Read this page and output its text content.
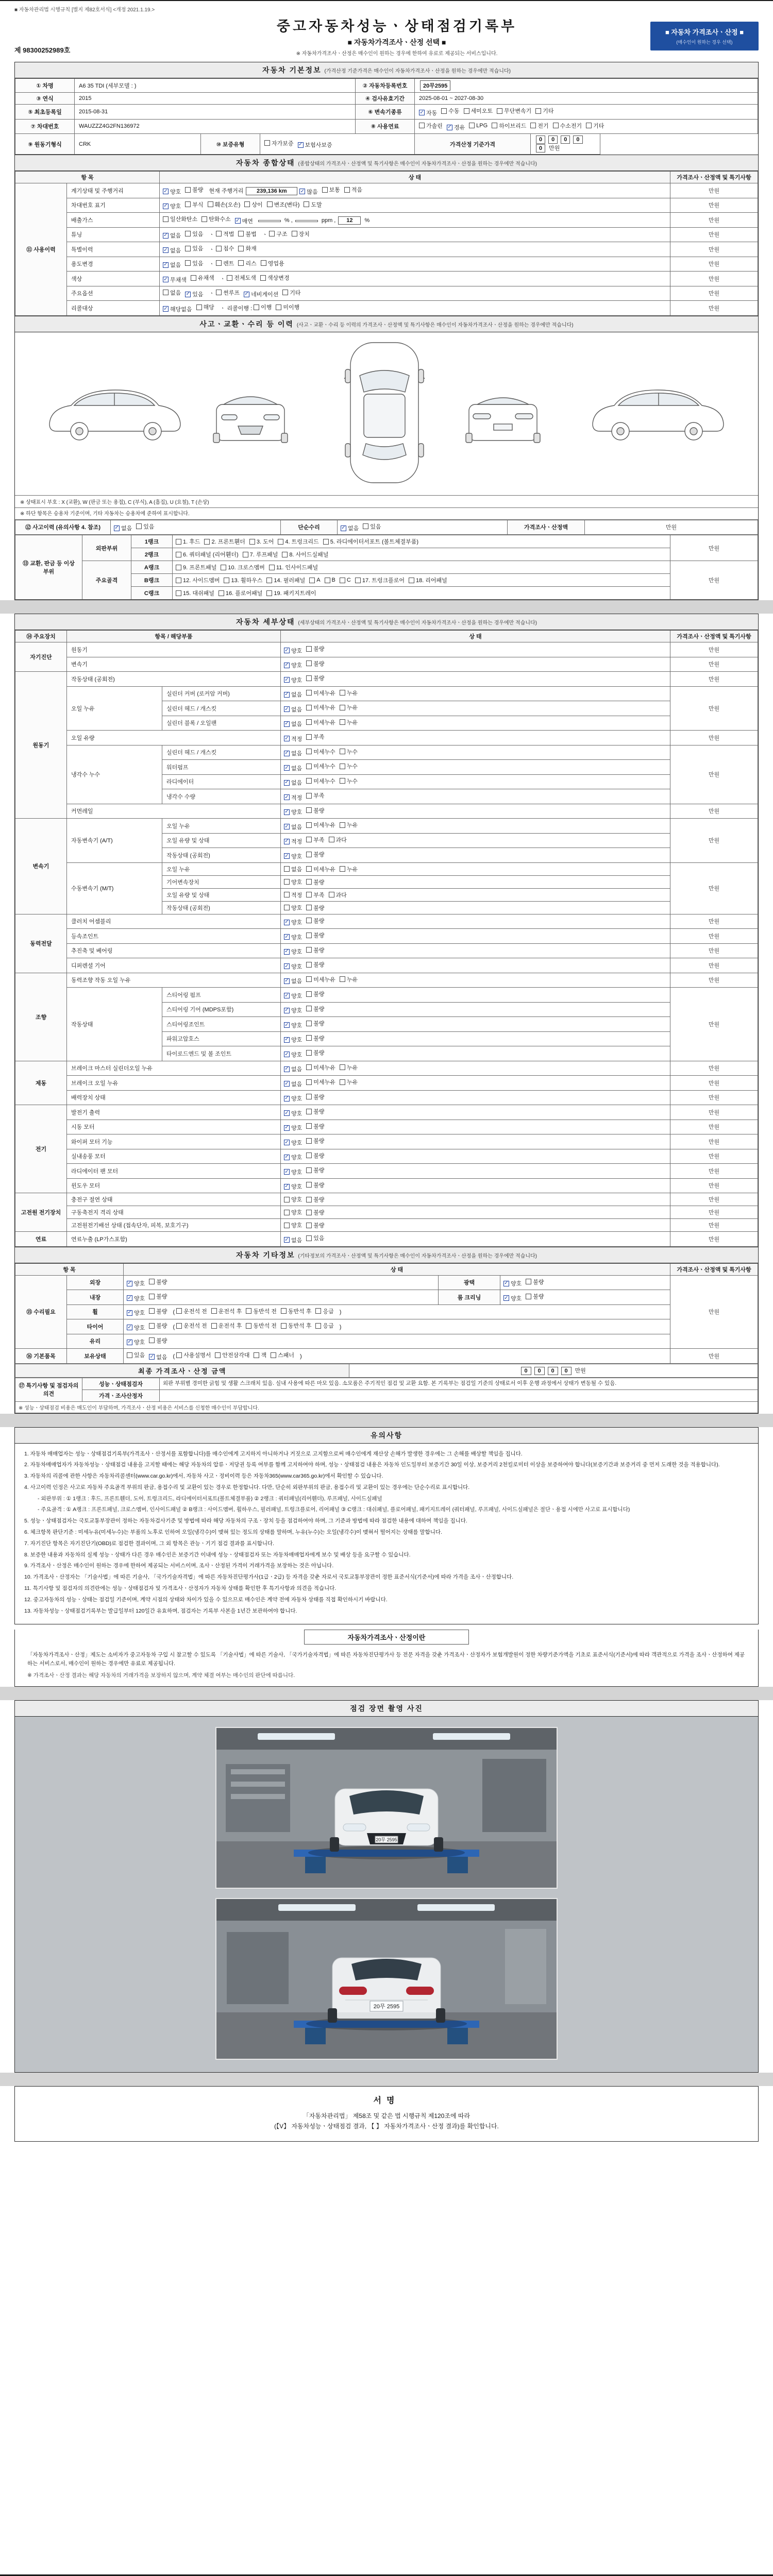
■ 자동차관리법 시행규칙 [별지 제82호서식] <개정 2021.1.19.>
제 98300252989호
중고자동차성능ㆍ상태점검기록부
■ 자동차가격조사ㆍ산정 선택 ■
※ 자동차가격조사ㆍ산정은 매수인이 원하는 경우에 한하여 유료로 제공되는 서비스입니다.
■ 자동차 가격조사ㆍ산정 ■
(매수인이 원하는 경우 선택)
자동차 기본정보 (가격산정 기준가격은 매수인이 자동차가격조사ㆍ산정을 원하는 경우에만 적습니다)
① 차명	A6 35 TDI (세부모델 : )			② 자동차등록번호	20무2595	
③ 연식	2015			④ 검사유효기간	2025-08-01 ~ 2027-08-30	
⑤ 최초등록일	2015-08-31	⑥ 변속기종류	✓ 자동 수동 세미오토 무단변속기 기타
⑦ 차대번호	WAUZZZ4G2FN136972	⑧ 사용연료	가솔린 ✓ 경유 LPG 하이브리드 전기 수소전기 기타
⑨ 원동기형식	CRK	⑩ 보증유형	자가보증 ✓ 보험사보증		가격산정 기준가격	0 0 0 00 만원
자동차 종합상태 (종합상태의 가격조사ㆍ산정액 및 특기사항은 매수인이 자동차가격조사ㆍ산정을 원하는 경우에만 적습니다)
항 목		상 태	가격조사ㆍ산정액 및 특기사항
⑪ 사용이력	계기상태 및 주행거리	✓ 양호 불량 현재 주행거리 239,136 km	✓ 많음 보통 적음	만원
차대번호 표기	✓ 양호 부식 훼손(오손) 상이 변조(변타) 도말	만원
	배출가스	일산화탄소 탄화수소 ✓ 매연 % , ppm , 12 %	만원
튜닝	✓ 없음 있음 ㆍ 적법 불법 ㆍ 구조 장치	만원
	특별이력	✓ 없음 있음 ㆍ 침수 화재	만원
용도변경	✓ 없음 있음 ㆍ 렌트 리스 영업용	만원
	색상	✓ 무채색 유채색 ㆍ 전체도색 색상변경	만원
주요옵션	없음 ✓ 있음 ㆍ 썬루프 ✓ 네비게이션 기타	만원
	리콜대상	✓ 해당없음 해당 ㆍ 리콜이행 : 이행 미이행	만원
사고ㆍ교환ㆍ수리 등 이력 (사고ㆍ교환ㆍ수리 등 이력의 가격조사ㆍ산정액 및 특기사항은 매수인이 자동차가격조사ㆍ산정을 원하는 경우에만 적습니다)
※ 상태표시 부호 : X (교환), W (판금 또는 용접), C (부식), A (흠집), U (요철), T (손상)
※ 하단 항목은 승용차 기준이며, 기타 자동차는 승용차에 준하여 표시합니다.
⑫ 사고이력 (유의사항 4. 참조)	✓ 없음 있음	단순수리	✓ 없음 있음	가격조사ㆍ산정액	만원
⑬ 교환, 판금 등 이상 부위	외판부위	1랭크	1. 후드 2. 프론트휀더 3. 도어 4. 트렁크리드 5. 라디에이터서포트 (볼트체결부품)	만원
		2랭크	6. 쿼터패널 (리어휀더) 7. 루프패널 8. 사이드실패널	
	주요골격	A랭크	9. 프론트패널 10. 크로스멤버 11. 인사이드패널	만원
B랭크	12. 사이드멤버 13. 휠하우스 14. 필러패널 A B C 17. 트렁크플로어 18. 리어패널
		C랭크	15. 대쉬패널 16. 플로어패널 19. 패키지트레이	
자동차 세부상태 (세부상태의 가격조사ㆍ산정액 및 특기사항은 매수인이 자동차가격조사ㆍ산정을 원하는 경우에만 적습니다)
⑭ 주요장치	항목 / 해당부품		상 태	가격조사ㆍ산정액 및 특기사항
자기진단	원동기		✓ 양호 불량	만원
	변속기		✓ 양호 불량	만원
원동기	작동상태 (공회전)		✓ 양호 불량	만원
	오일 누유	실린더 커버 (로커암 커버)	✓ 없음 미세누유 누유	만원
		실린더 헤드 / 개스킷	✓ 없음 미세누유 누유	
		실린더 블록 / 오일팬	✓ 없음 미세누유 누유	
	오일 유량		✓ 적정 부족	만원
	냉각수 누수	실린더 헤드 / 개스킷	✓ 없음 미세누수 누수	만원
		워터펌프	✓ 없음 미세누수 누수	
		라디에이터	✓ 없음 미세누수 누수	
		냉각수 수량	✓ 적정 부족	
	커먼레일		✓ 양호 불량	만원
변속기	자동변속기 (A/T)	오일 누유	✓ 없음 미세누유 누유	만원
		오일 유량 및 상태	✓ 적정 부족 과다	
		작동상태 (공회전)	✓ 양호 불량	
	수동변속기 (M/T)	오일 누유	없음 미세누유 누유	만원
		기어변속장치	양호 불량	
		오일 유량 및 상태	적정 부족 과다	
		작동상태 (공회전)	양호 불량	
동력전달	클러치 어셈블리		✓ 양호 불량	만원
	등속조인트		✓ 양호 불량	만원
	추진축 및 베어링		✓ 양호 불량	만원
	디퍼렌셜 기어		✓ 양호 불량	만원
조향	동력조향 작동 오일 누유		✓ 없음 미세누유 누유	만원
	작동상태	스티어링 펌프	✓ 양호 불량	만원
		스티어링 기어 (MDPS포함)	✓ 양호 불량	
		스티어링조인트	✓ 양호 불량	
		파워고압호스	✓ 양호 불량	
		타이로드엔드 및 볼 조인트	✓ 양호 불량	
제동	브레이크 마스터 실린더오일 누유		✓ 없음 미세누유 누유	만원
	브레이크 오일 누유		✓ 없음 미세누유 누유	만원
	배력장치 상태		✓ 양호 불량	만원
전기	발전기 출력		✓ 양호 불량	만원
	시동 모터		✓ 양호 불량	만원
	와이퍼 모터 기능		✓ 양호 불량	만원
	실내송풍 모터		✓ 양호 불량	만원
	라디에이터 팬 모터		✓ 양호 불량	만원
	윈도우 모터		✓ 양호 불량	만원
고전원 전기장치	충전구 절연 상태		양호 불량	만원
	구동축전지 격리 상태		양호 불량	만원
	고전원전기배선 상태 (접속단자, 피복, 보호기구)		양호 불량	만원
연료	연료누출 (LP가스포함)		✓ 없음 있음	만원
자동차 기타정보 (기타정보의 가격조사ㆍ산정액 및 특기사항은 매수인이 자동차가격조사ㆍ산정을 원하는 경우에만 적습니다)
항 목		상 태			가격조사ㆍ산정액 및 특기사항
⑮ 수리필요	외장	✓ 양호 불량	광택	✓ 양호 불량	만원
	내장	✓ 양호 불량	룸 크리닝	✓ 양호 불량	
휠	✓ 양호 불량 ( 운전석 전 운전석 후 동반석 전 동반석 후 응급 )
타이어	✓ 양호 불량 ( 운전석 전 운전석 후 동반석 전 동반석 후 응급 )
	유리	✓ 양호 불량			
⑯ 기본품목	보유상태	있음 ✓ 없음 ( 사용설명서 안전삼각대 잭 스패너 )	만원
최종 가격조사ㆍ산정 금액	0 0 0 0 만원
⑰ 특기사항 및 점검자의 의견	성능ㆍ상태점검자	외판 부위별 경미한 긁힘 및 생활 스크래치 있음. 실내 사용에 따른 마모 있음. 소모품은 주기적인 점검 및 교환 요함. 본 기록부는 점검일 기준의 상태로서 이후 운행 과정에서 상태가 변동될 수 있음.
	가격ㆍ조사산정자	
※ 성능ㆍ상태점검 비용은 매도인이 부담하며, 가격조사ㆍ산정 비용은 서비스를 신청한 매수인이 부담합니다.		
유의사항
1. 자동차 매매업자는 성능ㆍ상태점검기록부(가격조사ㆍ산정서를 포함합니다)를 매수인에게 고지하지 아니하거나 거짓으로 고지함으로써 매수인에게 재산상 손해가 발생한 경우에는 그 손해를 배상할 책임을 집니다.
2. 자동차매매업자가 자동차성능ㆍ상태점검 내용을 고지할 때에는 해당 자동차의 압류ㆍ저당권 등록 여부를 함께 고지하여야 하며, 성능ㆍ상태점검 내용은 자동차 인도일부터 보증기간 30일 이상, 보증거리 2천킬로미터 이상을 보증하여야 합니다(보증기간과 보증거리 중 먼저 도래한 것을 적용합니다).
3. 자동차의 리콜에 관한 사항은 자동차리콜센터(www.car.go.kr)에서, 자동차 사고ㆍ정비이력 등은 자동차365(www.car365.go.kr)에서 확인할 수 있습니다.
4. 사고이력 인정은 사고로 자동차 주요골격 부위의 판금, 용접수리 및 교환이 있는 경우로 한정합니다. 다만, 단순히 외판부위의 판금, 용접수리 및 교환이 있는 경우에는 단순수리로 표시합니다.
- 외판부위 : ① 1랭크 : 후드, 프론트휀더, 도어, 트렁크리드, 라디에이터서포트(볼트체결부품) ② 2랭크 : 쿼터패널(리어휀더), 루프패널, 사이드실패널
- 주요골격 : ① A랭크 : 프론트패널, 크로스멤버, 인사이드패널 ② B랭크 : 사이드멤버, 휠하우스, 필러패널, 트렁크플로어, 리어패널 ③ C랭크 : 대쉬패널, 플로어패널, 패키지트레이 (쿼터패널, 루프패널, 사이드실패널은 절단ㆍ용접 시에만 사고로 표시합니다)
5. 성능ㆍ상태점검자는 국토교통부장관이 정하는 자동차검사기준 및 방법에 따라 해당 자동차의 구조ㆍ장치 등을 점검하여야 하며, 그 기준과 방법에 따라 점검한 내용에 대하여 책임을 집니다.
6. 체크항목 판단기준 : 미세누유(미세누수)는 부품의 노후로 인하여 오일(냉각수)이 맺혀 있는 정도의 상태를 말하며, 누유(누수)는 오일(냉각수)이 맺혀서 떨어지는 상태를 말합니다.
7. 자기진단 항목은 자기진단기(OBD)로 점검한 결과이며, 그 외 항목은 관능ㆍ기기 점검 결과를 표시합니다.
8. 보증한 내용과 자동차의 실제 성능ㆍ상태가 다른 경우 매수인은 보증기간 이내에 성능ㆍ상태점검자 또는 자동차매매업자에게 보수 및 배상 등을 요구할 수 있습니다.
9. 가격조사ㆍ산정은 매수인이 원하는 경우에 한하여 제공되는 서비스이며, 조사ㆍ산정된 가격이 거래가격을 보장하는 것은 아닙니다.
10. 가격조사ㆍ산정자는 「기술사법」에 따른 기술사, 「국가기술자격법」에 따른 자동차진단평가사(1급ㆍ2급) 등 자격을 갖춘 자로서 국토교통부장관이 정한 표준서식(기준서)에 따라 가격을 조사ㆍ산정합니다.
11. 특기사항 및 점검자의 의견란에는 성능ㆍ상태점검자 및 가격조사ㆍ산정자가 자동차 상태를 확인한 후 특기사항과 의견을 적습니다.
12. 중고자동차의 성능ㆍ상태는 점검일 기준이며, 계약 시점의 상태와 차이가 있을 수 있으므로 매수인은 계약 전에 자동차 상태를 직접 확인하시기 바랍니다.
13. 자동차성능ㆍ상태점검기록부는 발급일부터 120일간 유효하며, 점검자는 기록부 사본을 1년간 보관하여야 합니다.
자동차가격조사ㆍ산정이란
「자동차가격조사ㆍ산정」제도는 소비자가 중고자동차 구입 시 참고할 수 있도록 「기술사법」에 따른 기술사, 「국가기술자격법」에 따른 자동차진단평가사 등 전문 자격을 갖춘 가격조사ㆍ산정자가 보험개발원이 정한 차량기준가액을 기초로 표준서식(기준서)에 따라 객관적으로 가격을 조사ㆍ산정하여 제공하는 서비스로서, 매수인이 원하는 경우에만 유료로 제공됩니다.
※ 가격조사ㆍ산정 결과는 해당 자동차의 거래가격을 보장하지 않으며, 계약 체결 여부는 매수인의 판단에 따릅니다.
점검 장면 촬영 사진
20무 2595
20무 2595
서명
「자동차관리법」 제58조 및 같은 법 시행규칙 제120조에 따라
(【V】 자동차성능ㆍ상태점검 결과, 【 】 자동차가격조사ㆍ산정 결과)를 확인합니다.
